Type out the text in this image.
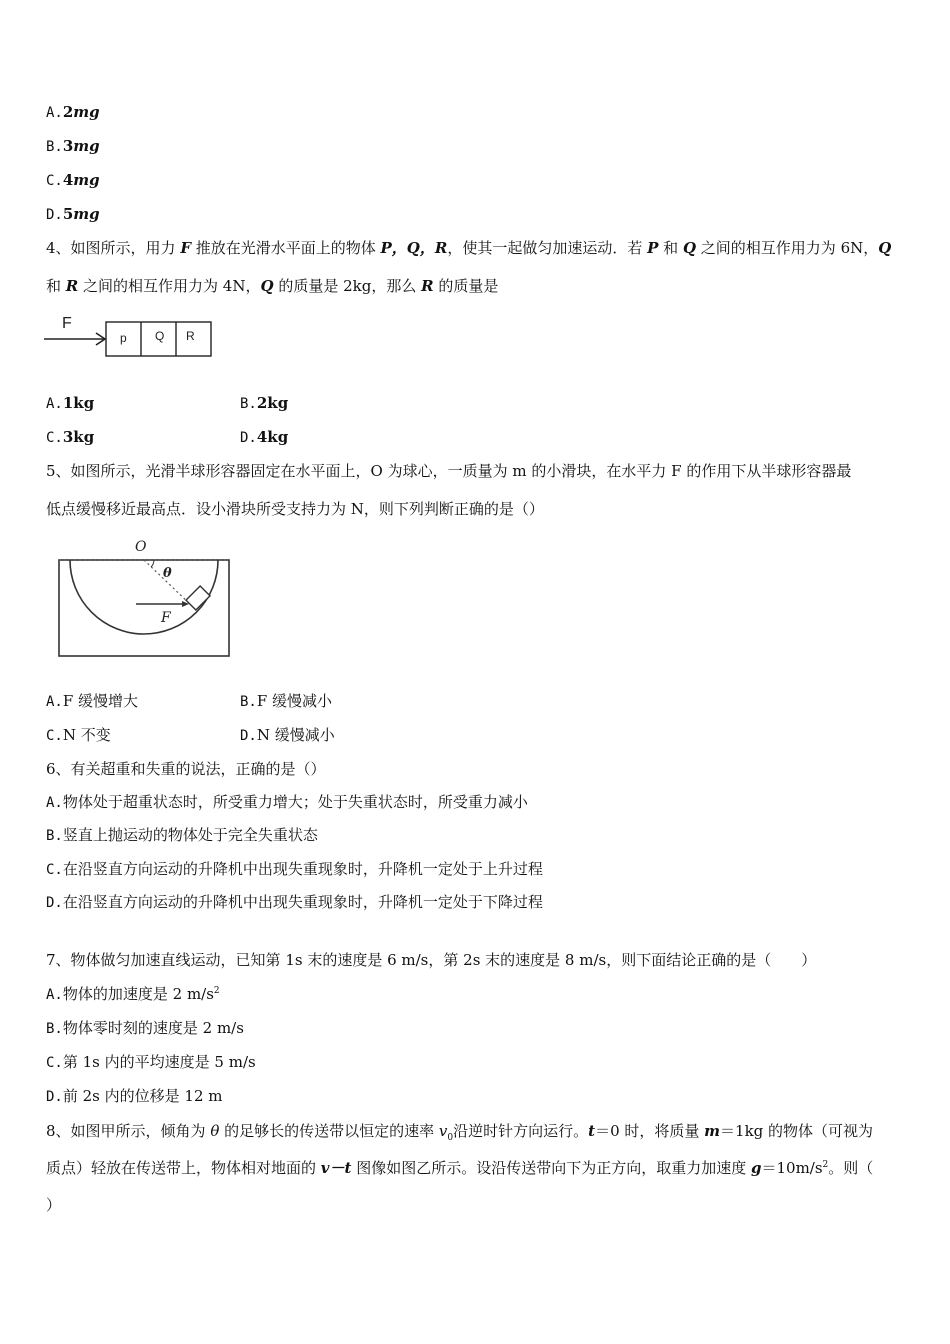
A.2mg
B.3mg
C.4mg
D.5mg
4、如图所示，用力 F 推放在光滑水平面上的物体 P，Q，R，使其一起做匀加速运动．若 P 和 Q 之间的相互作用力为 6N，Q
和 R 之间的相互作用力为 4N，Q 的质量是 2kg，那么 R 的质量是
F
p Q R
A.1kg	B.2kg
C.3kg	D.4kg
5、如图所示，光滑半球形容器固定在水平面上，O 为球心，一质量为 m 的小滑块，在水平力 F 的作用下从半球形容器最
低点缓慢移近最高点．设小滑块所受支持力为 N，则下列判断正确的是（）
O
θ
F
A.F 缓慢增大	B.F 缓慢减小
C.N 不变	D.N 缓慢减小
6、有关超重和失重的说法，正确的是（）
A.物体处于超重状态时，所受重力增大；处于失重状态时，所受重力减小
B.竖直上抛运动的物体处于完全失重状态
C.在沿竖直方向运动的升降机中出现失重现象时，升降机一定处于上升过程
D.在沿竖直方向运动的升降机中出现失重现象时，升降机一定处于下降过程
7、物体做匀加速直线运动，已知第 1s 末的速度是 6 m/s，第 2s 末的速度是 8 m/s，则下面结论正确的是（　　）
A.物体的加速度是 2 $m/s^2$
B.物体零时刻的速度是 2 m/s
C.第 1s 内的平均速度是 5 m/s
D.前 2s 内的位移是 12 m
8、如图甲所示，倾角为 θ 的足够长的传送带以恒定的速率 $v_0$沿逆时针方向运行。t＝0 时，将质量 m＝1kg 的物体（可视为
质点）轻放在传送带上，物体相对地面的 v－t 图像如图乙所示。设沿传送带向下为正方向，取重力加速度 $g=10m/s^2$。则（
）
